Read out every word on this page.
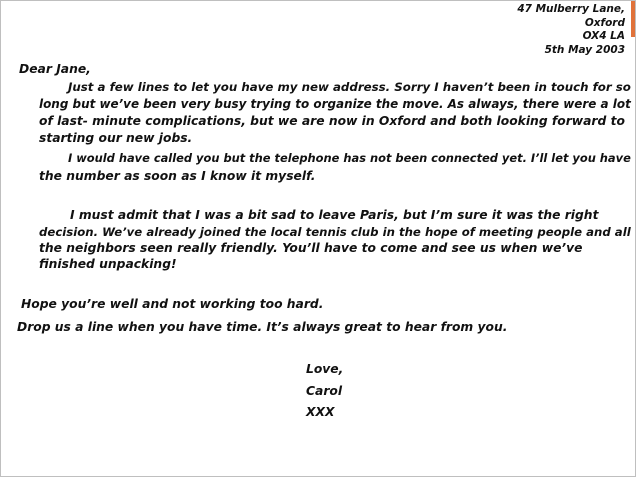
47 Mulberry Lane,
Oxford
OX4 LA
5th May 2003
Dear Jane,
Just a few lines to let you have my new address. Sorry I haven’t been in touch for so
long but we’ve been very busy trying to organize the move. As always, there were a lot
of last- minute complications, but we are now in Oxford and both looking forward to
starting our new jobs.
I would have called you but the telephone has not been connected yet. I’ll let you have
the number as soon as I know it myself.
I must admit that I was a bit sad to leave Paris, but I’m sure it was the right
decision. We’ve already joined the local tennis club in the hope of meeting people and all
the neighbors seen really friendly. You’ll have to come and see us when we’ve
finished unpacking!
Hope you’re well and not working too hard.
Drop us a line when you have time. It’s always great to hear from you.
Love,
Carol
XXX
